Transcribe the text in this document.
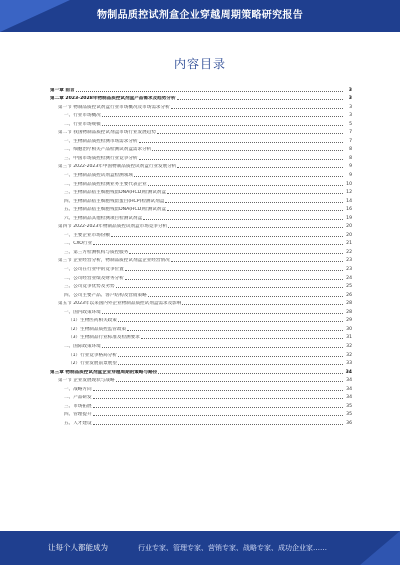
物制品质控试剂盒企业穿越周期策略研究报告
内容目录
第一章 前言	3
第二章 2023-2028年物制品质控试剂盒产品需求及趋势分析	3
第一节 物制品质控试剂盒行业市场概况及市场需求分析	3
一、行业市场概况	3
二、行业市场规模	5
第二节 我国物制品质控试剂盒市场行业发展趋势	7
一、生物制品质控检测市场需求分析	7
二、细胞治疗相关产品检测试剂盒需求分析	8
三、中国市场质控检测行业竞争分析	8
第三节 2022-2023年中国物制品质控试剂盒行业发展分析	9
一、生物制品质控试剂盒检测领域	9
二、生物制品质控检测业务主要代表企业	10
三、生物制品宿主细胞残留DNA(HCD)检测试剂盒	12
四、生物制品宿主细胞残留蛋白(HCP)检测试剂盒	14
五、生物制品宿主细胞残留DNA(HCD)检测试剂盒	16
六、生物制品其他检测项目检测试剂盒	19
第四节 2022-2023年物制品质控试剂盒市场竞争分析	20
一、主要企业市场份额	20
二、CXO行业	21
三、第三方检测机构与质控服务	22
第三节 企业经营分析，物制品质控试剂盒企业经营情况	23
一、公司在行业中的竞争位置	23
二、公司经营业绩及财务分析	24
三、公司竞争优势及劣势	25
四、公司主要产品、客户结构及营销策略	26
第五节 2023年以来国内外企业物制品质控试剂盒需求及影响	28
一、国内政策环境	28
（1）生物医药相关政策	29
（2）生物制品质控监管政策	30
（3）生物制品行业标准及检测要求	31
二、国际政策环境	32
（1）行业竞争格局分析	32
（2）行业发展前景展望	33
第三章 物制品质控试剂盒企业穿越周期的策略与路径	34
第一节 企业发展现状与战略	34
一、战略方向	34
二、产品研发	34
三、市场拓展	35
四、管理提升	35
五、人才建设	36
让每个人都能成为	行业专家、管理专家、营销专家、战略专家、成功企业家……
